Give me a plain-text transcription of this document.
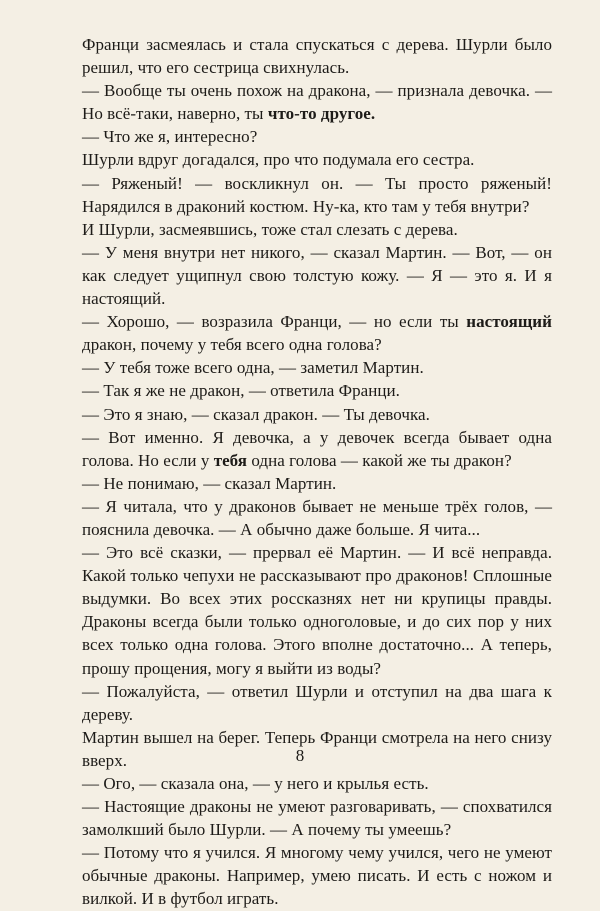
Франци засмеялась и стала спускаться с дерева. Шурли было решил, что его сестрица свихнулась.

— Вообще ты очень похож на дракона, — признала девочка. — Но всё-таки, наверно, ты что-то другое.

— Что же я, интересно?

Шурли вдруг догадался, про что подумала его сестра.

— Ряженый! — воскликнул он. — Ты просто ряженый! Нарядился в драконий костюм. Ну-ка, кто там у тебя внутри?

И Шурли, засмеявшись, тоже стал слезать с дерева.

— У меня внутри нет никого, — сказал Мартин. — Вот, — он как следует ущипнул свою толстую кожу. — Я — это я. И я настоящий.

— Хорошо, — возразила Франци, — но если ты настоящий дракон, почему у тебя всего одна голова?

— У тебя тоже всего одна, — заметил Мартин.

— Так я же не дракон, — ответила Франци.

— Это я знаю, — сказал дракон. — Ты девочка.

— Вот именно. Я девочка, а у девочек всегда бывает одна голова. Но если у тебя одна голова — какой же ты дракон?

— Не понимаю, — сказал Мартин.

— Я читала, что у драконов бывает не меньше трёх голов, — пояснила девочка. — А обычно даже больше. Я чита...

— Это всё сказки, — прервал её Мартин. — И всё неправда. Какой только чепухи не рассказывают про драконов! Сплошные выдумки. Во всех этих россказнях нет ни крупицы правды. Драконы всегда были только одноголовые, и до сих пор у них всех только одна голова. Этого вполне достаточно... А теперь, прошу прощения, могу я выйти из воды?

— Пожалуйста, — ответил Шурли и отступил на два шага к дереву.

Мартин вышел на берег. Теперь Франци смотрела на него снизу вверх.

— Ого, — сказала она, — у него и крылья есть.

— Настоящие драконы не умеют разговаривать, — спохватился замолкший было Шурли. — А почему ты умеешь?

— Потому что я учился. Я многому чему учился, чего не умеют обычные драконы. Например, умею писать. И есть с ножом и вилкой. И в футбол играть.

8
